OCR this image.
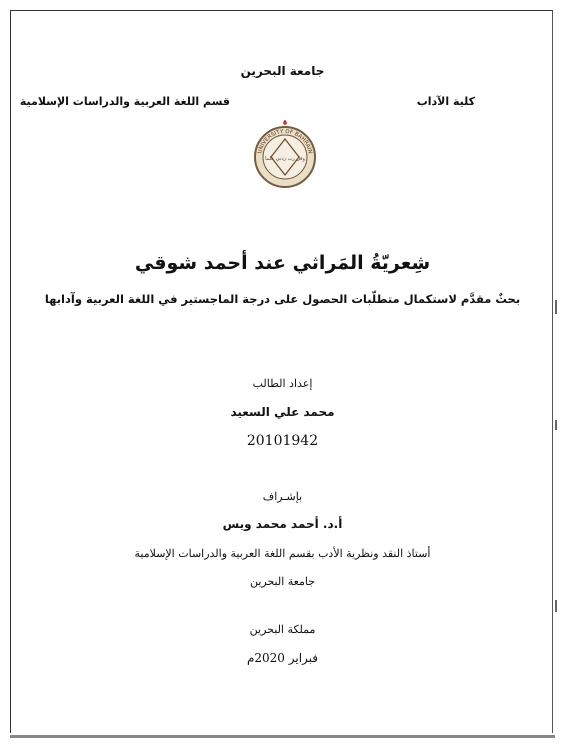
جامعة البحرين
كلية الآداب
قسم اللغة العربية والدراسات الإسلامية
UNIVERSITY OF BAHRAIN
وقل رب زدني علما
شِعريّةُ المَراثي عند أحمد شوقي
بحثٌ مقدَّم لاستكمال متطلّبات الحصول على درجة الماجستير في اللغة العربية وآدابها
إعداد الطالب
محمد علي السعيد
20101942
بإشـراف
أ.د. أحمد محمد ويس
أستاذ النقد ونظرية الأدب بقسم اللغة العربية والدراسات الإسلامية
جامعة البحرين
مملكة البحرين
فبراير 2020م
